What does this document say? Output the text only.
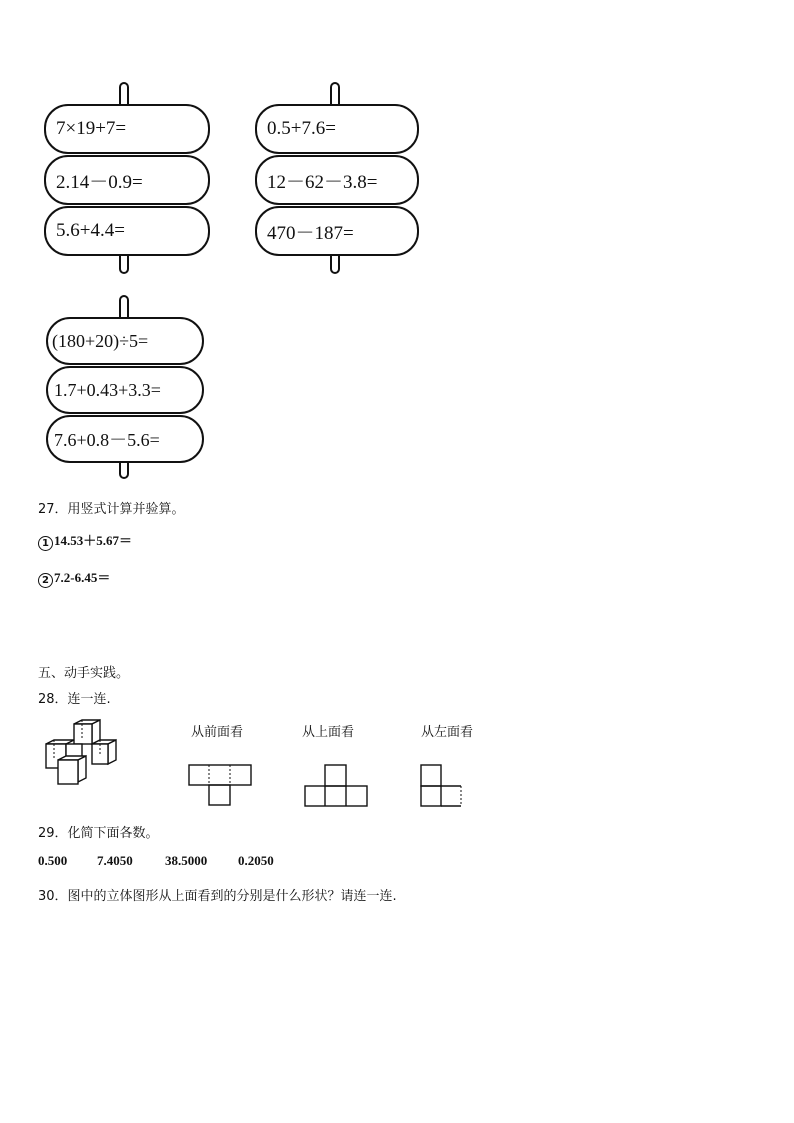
7×19+7=
2.14－0.9=
5.6+4.4=
0.5+7.6=
12－62－3.8=
470－187=
(180+20)÷5=
1.7+0.43+3.3=
7.6+0.8－5.6=
27．用竖式计算并验算。
1 14.53＋5.67＝
2 7.2-6.45＝
五、动手实践。
28．连一连.
从前面看	从上面看	从左面看
29．化简下面各数。
0.500 7.4050 38.5000 0.2050
30．图中的立体图形从上面看到的分别是什么形状？请连一连.
